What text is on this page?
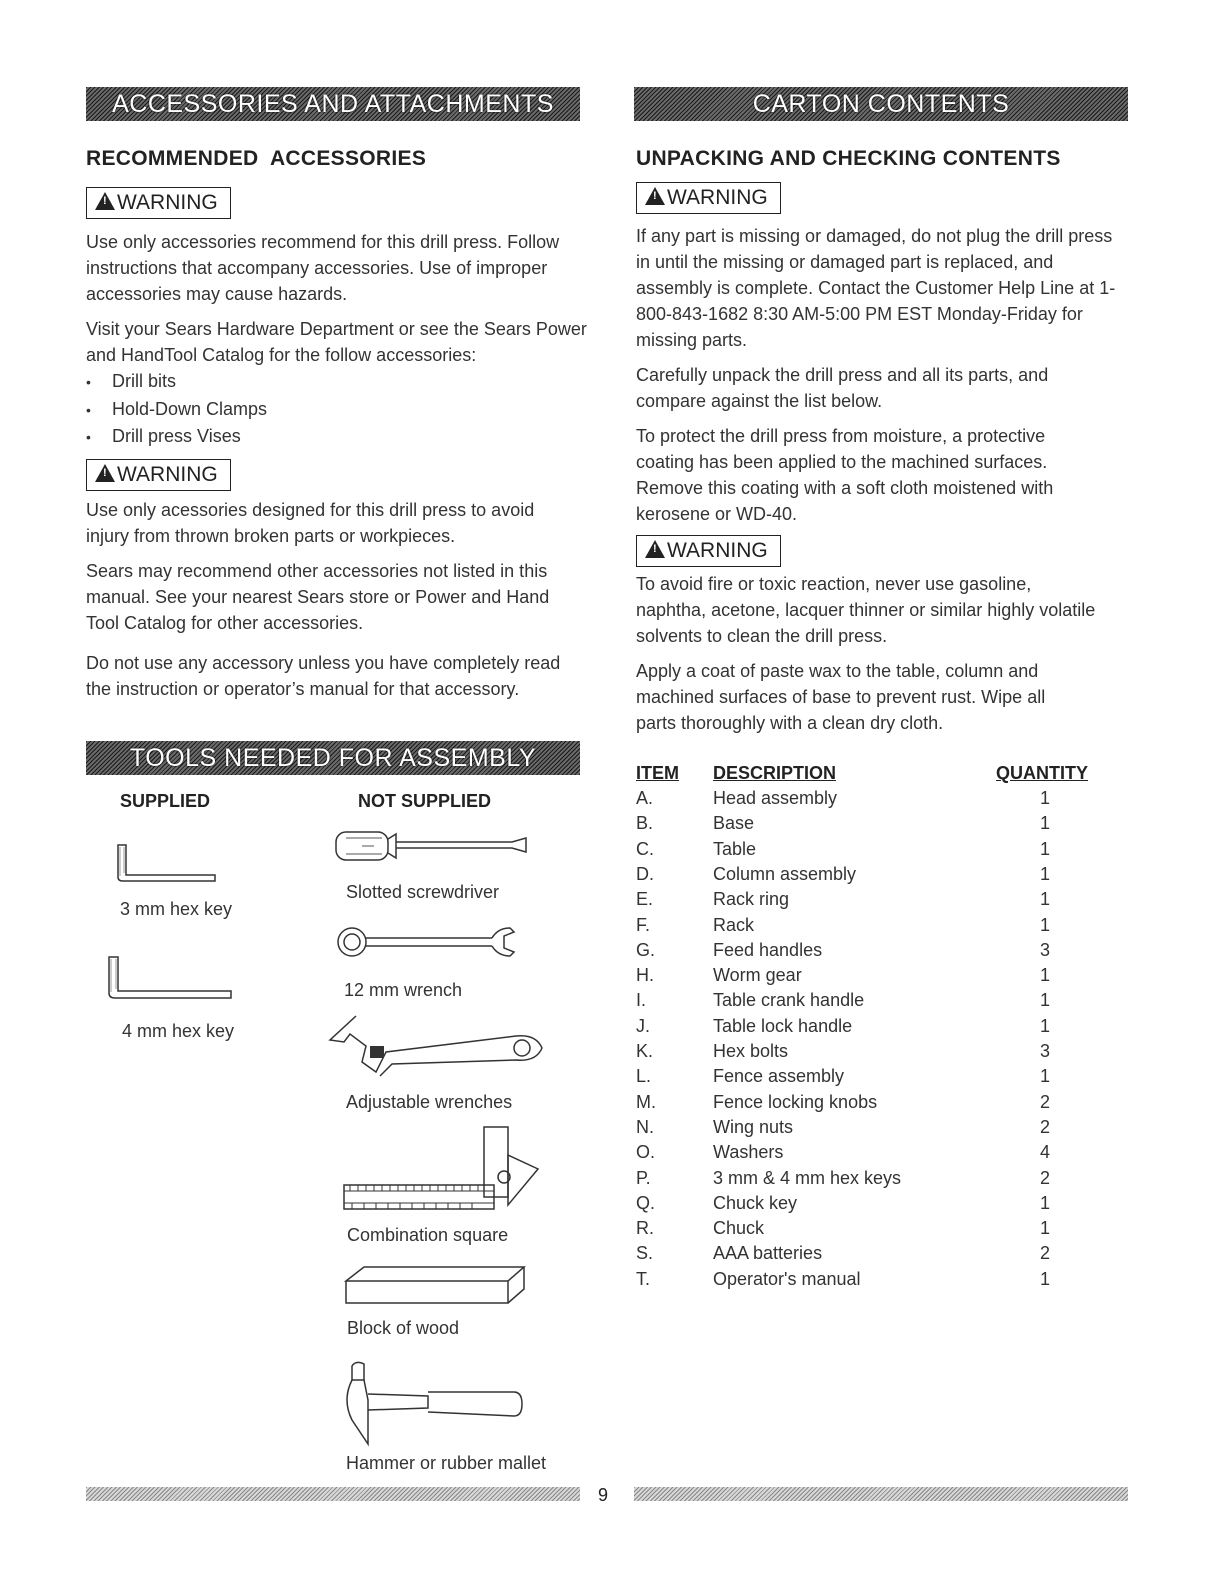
ACCESSORIES AND ATTACHMENTS
RECOMMENDED  ACCESSORIES
!WARNING

Use only accessories recommend for this drill press. Follow instructions that accompany accessories. Use of improper accessories may cause hazards.

Visit your Sears Hardware Department or see the Sears Power and HandTool Catalog for the follow accessories:

• Drill bits
• Hold-Down Clamps
• Drill press Vises
!WARNING

Use only acessories designed for this drill press to avoid injury from thrown broken parts or workpieces.

Sears may recommend other accessories not listed in this manual. See your nearest Sears store or Power and Hand Tool Catalog for other accessories.

Do not use any accessory unless you have completely read the instruction or operator’s manual for that accessory.

TOOLS NEEDED FOR ASSEMBLY
SUPPLIED	NOT SUPPLIED
3 mm hex key
4 mm hex key
Slotted screwdriver
12 mm wrench
Adjustable wrenches
Combination square
Block of wood
Hammer or rubber mallet
CARTON CONTENTS
UNPACKING AND CHECKING CONTENTS
!WARNING

If any part is missing or damaged, do not plug the drill press in until the missing or damaged part is replaced, and assembly is complete. Contact the Customer Help Line at 1-800-843-1682 8:30 AM-5:00 PM EST Monday-Friday for missing parts.

Carefully unpack the drill press and all its parts, and compare against the list below.

To protect the drill press from moisture, a protective coating has been applied to the machined surfaces. Remove this coating with a soft cloth moistened with kerosene or WD-40.

!WARNING

To avoid fire or toxic reaction, never use gasoline, naphtha, acetone, lacquer thinner or similar highly volatile solvents to clean the drill press.

Apply a coat of paste wax to the table, column and machined surfaces of base to prevent rust. Wipe all parts thoroughly with a clean dry cloth.

ITEM DESCRIPTION	QUANTITY
A.	Head assembly	1
B.	Base	1
C.	Table	1
D.	Column assembly	1
E.	Rack ring	1
F.	Rack	1
G.	Feed handles	3
H.	Worm gear	1
I.	Table crank handle	1
J.	Table lock handle	1
K.	Hex bolts	3
L.	Fence assembly	1
M.	Fence locking knobs	2
N.	Wing nuts	2
O.	Washers	4
P.	3 mm & 4 mm hex keys	2
Q.	Chuck key	1
R.	Chuck	1
S.	AAA batteries	2
T.	Operator's manual	1
9
